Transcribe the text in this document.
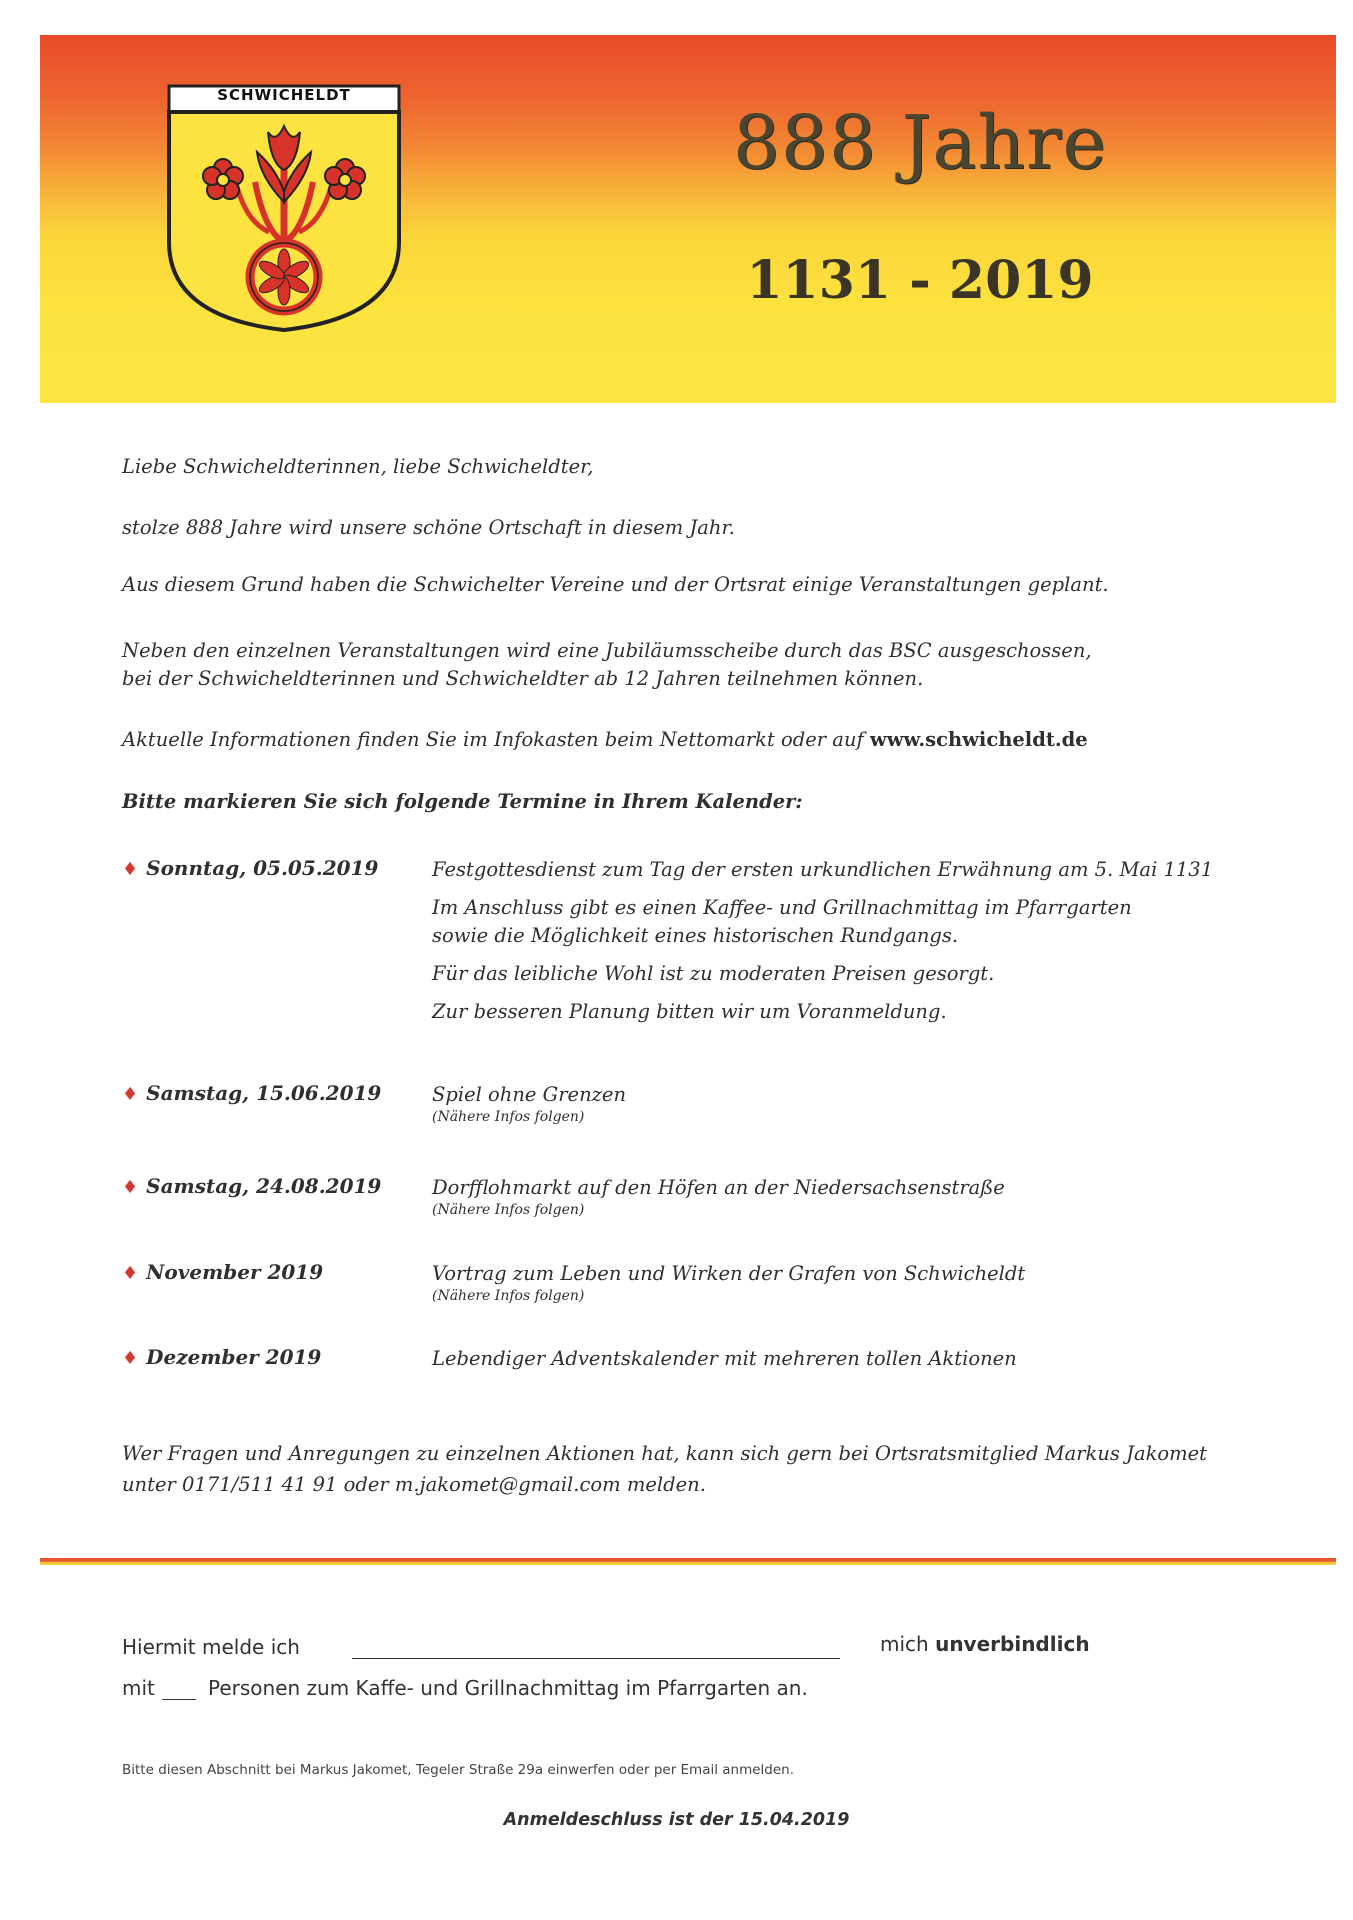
SCHWICHELDT
888 Jahre
1131 - 2019
Liebe Schwicheldterinnen, liebe Schwicheldter,
stolze 888 Jahre wird unsere schöne Ortschaft in diesem Jahr.
Aus diesem Grund haben die Schwichelter Vereine und der Ortsrat einige Veranstaltungen geplant.
Neben den einzelnen Veranstaltungen wird eine Jubiläumsscheibe durch das BSC ausgeschossen,
bei der Schwicheldterinnen und Schwicheldter ab 12 Jahren teilnehmen können.
Aktuelle Informationen finden Sie im Infokasten beim Nettomarkt oder auf www.schwicheldt.de
Bitte markieren Sie sich folgende Termine in Ihrem Kalender:
♦ Sonntag, 05.05.2019	Festgottesdienst zum Tag der ersten urkundlichen Erwähnung am 5. Mai 1131

Im Anschluss gibt es einen Kaffee- und Grillnachmittag im Pfarrgarten

sowie die Möglichkeit eines historischen Rundgangs.

Für das leibliche Wohl ist zu moderaten Preisen gesorgt.

Zur besseren Planung bitten wir um Voranmeldung.

♦ Samstag, 15.06.2019	Spiel ohne Grenzen

(Nähere Infos folgen)
♦ Samstag, 24.08.2019	Dorfflohmarkt auf den Höfen an der Niedersachsenstraße

(Nähere Infos folgen)
♦ November 2019	Vortrag zum Leben und Wirken der Grafen von Schwicheldt

(Nähere Infos folgen)
♦ Dezember 2019	Lebendiger Adventskalender mit mehreren tollen Aktionen

Wer Fragen und Anregungen zu einzelnen Aktionen hat, kann sich gern bei Ortsratsmitglied Markus Jakomet
unter 0171/511 41 91 oder m.jakomet@gmail.com melden.
Hiermit melde ich	mich unverbindlich
mit	Personen zum Kaffe- und Grillnachmittag im Pfarrgarten an.
Bitte diesen Abschnitt bei Markus Jakomet, Tegeler Straße 29a einwerfen oder per Email anmelden.
Anmeldeschluss ist der 15.04.2019
